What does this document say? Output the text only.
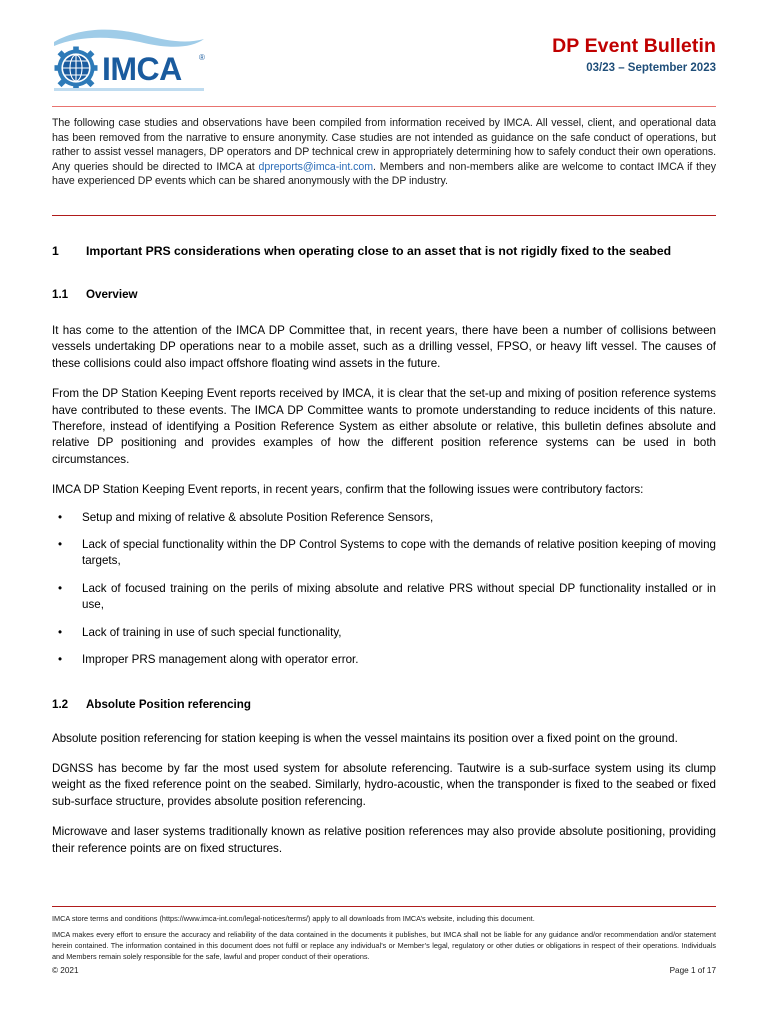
IMCA ®
DP Event Bulletin
03/23 – September 2023
The following case studies and observations have been compiled from information received by IMCA. All vessel, client, and operational data has been removed from the narrative to ensure anonymity. Case studies are not intended as guidance on the safe conduct of operations, but rather to assist vessel managers, DP operators and DP technical crew in appropriately determining how to safely conduct their own operations. Any queries should be directed to IMCA at dpreports@imca-int.com. Members and non-members alike are welcome to contact IMCA if they have experienced DP events which can be shared anonymously with the DP industry.
1	Important PRS considerations when operating close to an asset that is not rigidly fixed to the seabed
1.1	Overview

It has come to the attention of the IMCA DP Committee that, in recent years, there have been a number of collisions between vessels undertaking DP operations near to a mobile asset, such as a drilling vessel, FPSO, or heavy lift vessel. The causes of these collisions could also impact offshore floating wind assets in the future.

From the DP Station Keeping Event reports received by IMCA, it is clear that the set-up and mixing of position reference systems have contributed to these events. The IMCA DP Committee wants to promote understanding to reduce incidents of this nature. Therefore, instead of identifying a Position Reference System as either absolute or relative, this bulletin defines absolute and relative DP positioning and provides examples of how the different position reference systems can be used in both circumstances.

IMCA DP Station Keeping Event reports, in recent years, confirm that the following issues were contributory factors:

• Setup and mixing of relative & absolute Position Reference Sensors,
• Lack of special functionality within the DP Control Systems to cope with the demands of relative position keeping of moving targets,
• Lack of focused training on the perils of mixing absolute and relative PRS without special DP functionality installed or in use,
• Lack of training in use of such special functionality,
• Improper PRS management along with operator error.
1.2	Absolute Position referencing

Absolute position referencing for station keeping is when the vessel maintains its position over a fixed point on the ground.

DGNSS has become by far the most used system for absolute referencing. Tautwire is a sub-surface system using its clump weight as the fixed reference point on the seabed. Similarly, hydro-acoustic, when the transponder is fixed to the seabed or fixed sub-surface structure, provides absolute position referencing.

Microwave and laser systems traditionally known as relative position references may also provide absolute positioning, providing their reference points are on fixed structures.

IMCA store terms and conditions (https://www.imca-int.com/legal-notices/terms/) apply to all downloads from IMCA’s website, including this document.
IMCA makes every effort to ensure the accuracy and reliability of the data contained in the documents it publishes, but IMCA shall not be liable for any guidance and/or recommendation and/or statement herein contained. The information contained in this document does not fulfil or replace any individual’s or Member’s legal, regulatory or other duties or obligations in respect of their operations. Individuals and Members remain solely responsible for the safe, lawful and proper conduct of their operations.
© 2021	Page 1 of 17
